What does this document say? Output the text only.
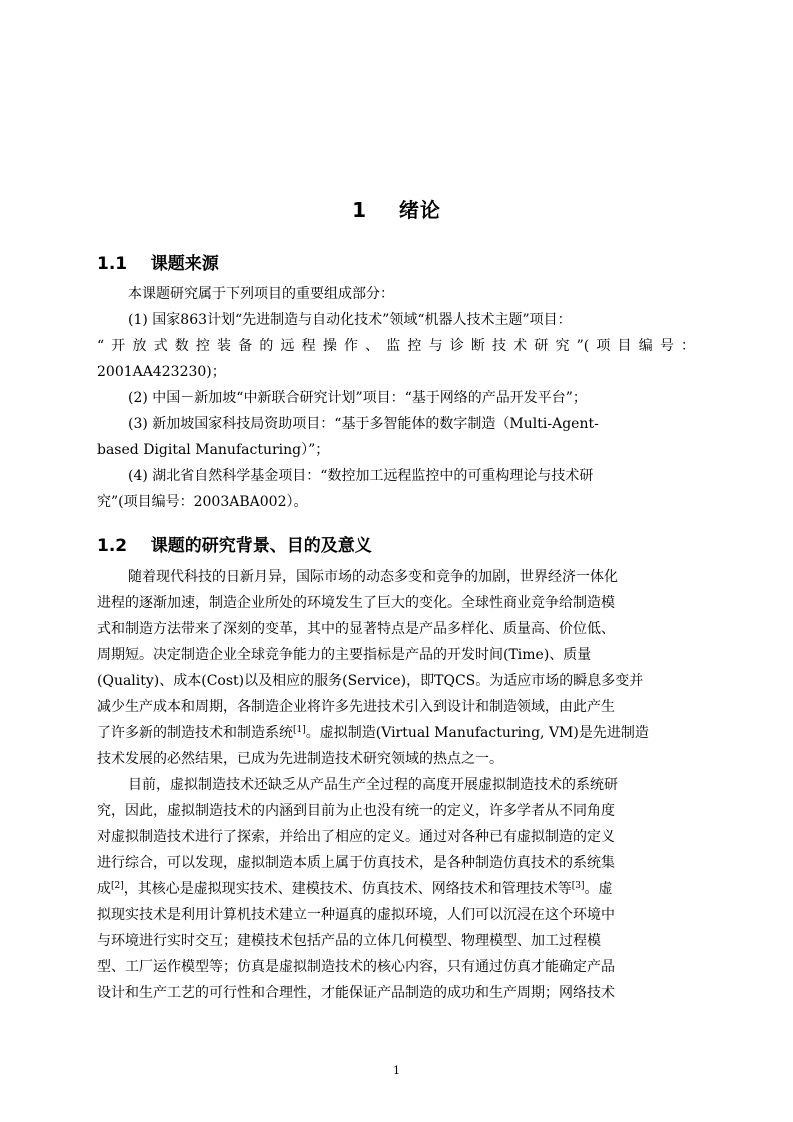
1    绪论
1.1    课题来源
本课题研究属于下列项目的重要组成部分：
(1) 国家863计划“先进制造与自动化技术”领域“机器人技术主题”项目：
“开放式数控装备的远程操作、监控与诊断技术研究”(项目编号：
2001AA423230)；
(2) 中国－新加坡“中新联合研究计划”项目：“基于网络的产品开发平台”；
(3) 新加坡国家科技局资助项目：“基于多智能体的数字制造（Multi-Agent-
based Digital Manufacturing）”；
(4) 湖北省自然科学基金项目：“数控加工远程监控中的可重构理论与技术研
究”(项目编号：2003ABA002）。
1.2    课题的研究背景、目的及意义
随着现代科技的日新月异，国际市场的动态多变和竞争的加剧，世界经济一体化
进程的逐渐加速，制造企业所处的环境发生了巨大的变化。全球性商业竞争给制造模
式和制造方法带来了深刻的变革，其中的显著特点是产品多样化、质量高、价位低、
周期短。决定制造企业全球竞争能力的主要指标是产品的开发时间(Time)、质量
(Quality)、成本(Cost)以及相应的服务(Service)，即TQCS。为适应市场的瞬息多变并
减少生产成本和周期，各制造企业将许多先进技术引入到设计和制造领域，由此产生
了许多新的制造技术和制造系统[1]。虚拟制造(Virtual Manufacturing, VM)是先进制造
技术发展的必然结果，已成为先进制造技术研究领域的热点之一。
目前，虚拟制造技术还缺乏从产品生产全过程的高度开展虚拟制造技术的系统研
究，因此，虚拟制造技术的内涵到目前为止也没有统一的定义，许多学者从不同角度
对虚拟制造技术进行了探索，并给出了相应的定义。通过对各种已有虚拟制造的定义
进行综合，可以发现，虚拟制造本质上属于仿真技术，是各种制造仿真技术的系统集
成[2]，其核心是虚拟现实技术、建模技术、仿真技术、网络技术和管理技术等[3]。虚
拟现实技术是利用计算机技术建立一种逼真的虚拟环境，人们可以沉浸在这个环境中
与环境进行实时交互；建模技术包括产品的立体几何模型、物理模型、加工过程模
型、工厂运作模型等；仿真是虚拟制造技术的核心内容，只有通过仿真才能确定产品
设计和生产工艺的可行性和合理性，才能保证产品制造的成功和生产周期；网络技术
1
